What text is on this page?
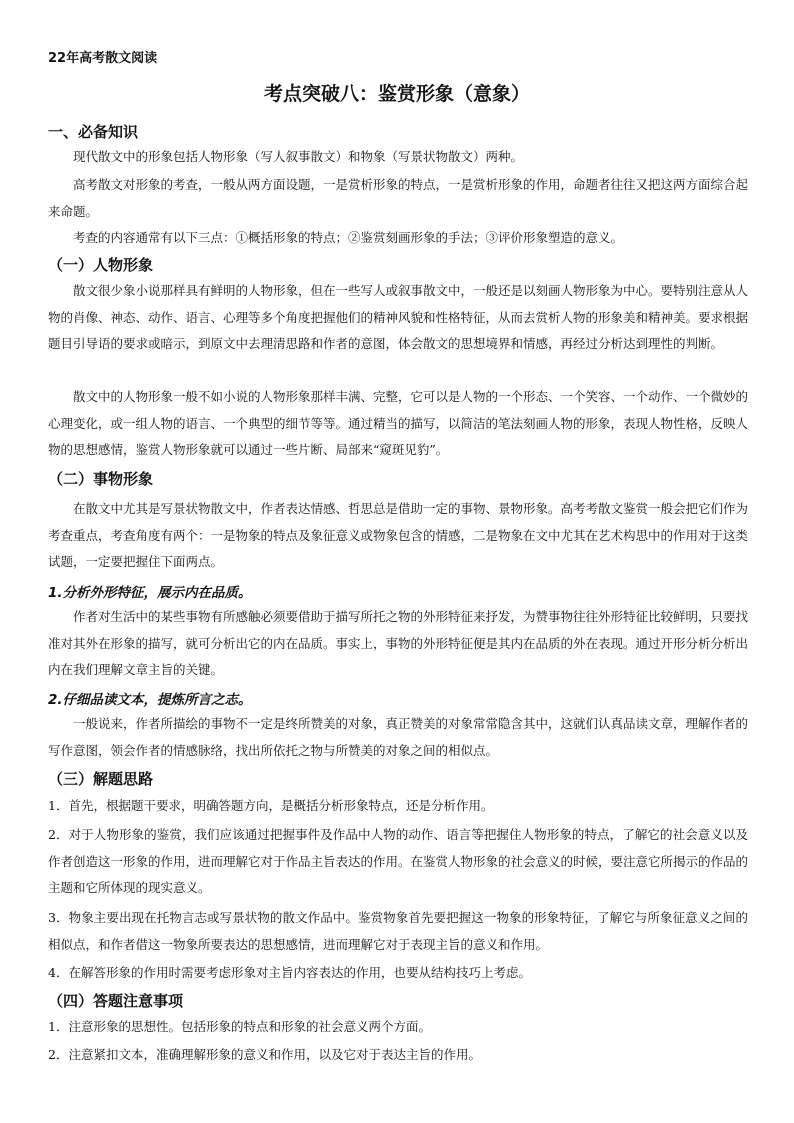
22年高考散文阅读
考点突破八：鉴赏形象（意象）
一、必备知识

现代散文中的形象包括人物形象（写人叙事散文）和物象（写景状物散文）两种。

高考散文对形象的考查，一般从两方面设题，一是赏析形象的特点，一是赏析形象的作用，命题者往往又把这两方面综合起来命题。

考查的内容通常有以下三点：①概括形象的特点；②鉴赏刻画形象的手法；③评价形象塑造的意义。

（一）人物形象

散文很少象小说那样具有鲜明的人物形象，但在一些写人或叙事散文中，一般还是以刻画人物形象为中心。要特别注意从人物的肖像、神态、动作、语言、心理等多个角度把握他们的精神风貌和性格特征，从而去赏析人物的形象美和精神美。要求根据题目引导语的要求或暗示，到原文中去理清思路和作者的意图，体会散文的思想境界和情感，再经过分析达到理性的判断。

散文中的人物形象一般不如小说的人物形象那样丰满、完整，它可以是人物的一个形态、一个笑容、一个动作、一个微妙的心理变化，或一组人物的语言、一个典型的细节等等。通过精当的描写，以简洁的笔法刻画人物的形象，表现人物性格，反映人物的思想感情，鉴赏人物形象就可以通过一些片断、局部来“窥斑见豹”。

（二）事物形象

在散文中尤其是写景状物散文中，作者表达情感、哲思总是借助一定的事物、景物形象。高考考散文鉴赏一般会把它们作为考查重点，考查角度有两个：一是物象的特点及象征意义或物象包含的情感，二是物象在文中尤其在艺术构思中的作用对于这类试题，一定要把握住下面两点。

1.分析外形特征，展示内在品质。

作者对生活中的某些事物有所感触必须要借助于描写所托之物的外形特征来抒发，为赞事物往往外形特征比较鲜明，只要找准对其外在形象的描写，就可分析出它的内在品质。事实上，事物的外形特征便是其内在品质的外在表现。通过开形分析分析出内在我们理解文章主旨的关键。

2.仔细品读文本，提炼所言之志。

一般说来，作者所描绘的事物不一定是终所赞美的对象，真正赞美的对象常常隐含其中，这就们认真品读文章，理解作者的写作意图，领会作者的情感脉络，找出所依托之物与所赞美的对象之间的相似点。

（三）解题思路

1．首先，根据题干要求，明确答题方向，是概括分析形象特点，还是分析作用。

2．对于人物形象的鉴赏，我们应该通过把握事件及作品中人物的动作、语言等把握住人物形象的特点，了解它的社会意义以及作者创造这一形象的作用，进而理解它对于作品主旨表达的作用。在鉴赏人物形象的社会意义的时候，要注意它所揭示的作品的主题和它所体现的现实意义。

3．物象主要出现在托物言志或写景状物的散文作品中。鉴赏物象首先要把握这一物象的形象特征，了解它与所象征意义之间的相似点，和作者借这一物象所要表达的思想感情，进而理解它对于表现主旨的意义和作用。

4．在解答形象的作用时需要考虑形象对主旨内容表达的作用，也要从结构技巧上考虑。

（四）答题注意事项

1．注意形象的思想性。包括形象的特点和形象的社会意义两个方面。

2．注意紧扣文本，准确理解形象的意义和作用，以及它对于表达主旨的作用。
